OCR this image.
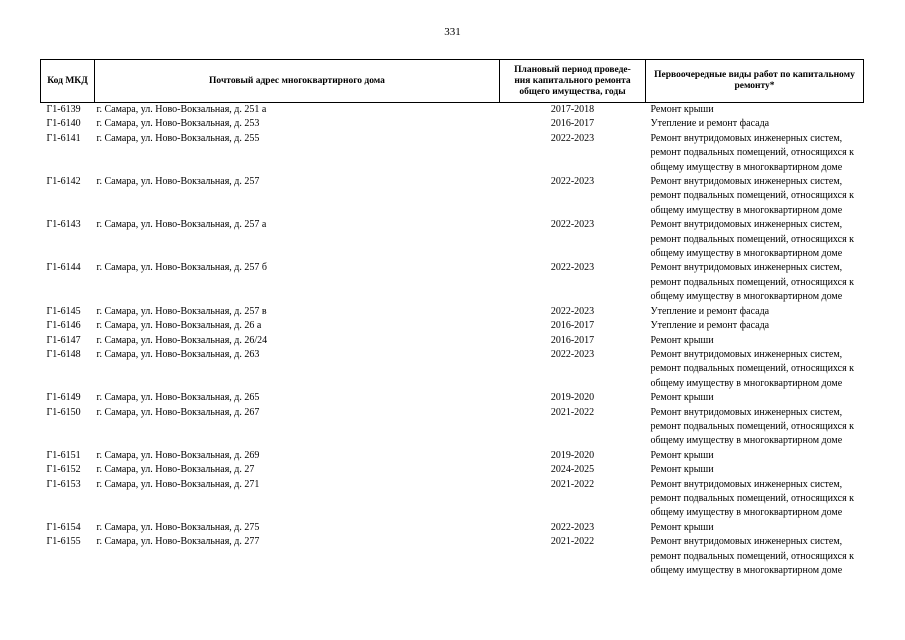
331
Код МКД	Почтовый адрес многоквартирного дома	Плановый период проведе-
ния капитального ремонта
общего имущества, годы	Первоочередные виды работ по капитальному
ремонту*

Г1-6139	г. Самара, ул. Ново-Вокзальная, д. 251 а	2017-2018	Ремонт крыши

Г1-6140	г. Самара, ул. Ново-Вокзальная, д. 253	2016-2017	Утепление и ремонт фасада

Г1-6141	г. Самара, ул. Ново-Вокзальная, д. 255	2022-2023	Ремонт внутридомовых инженерных систем,
ремонт подвальных помещений, относящихся к
общему имуществу в многоквартирном доме

Г1-6142	г. Самара, ул. Ново-Вокзальная, д. 257	2022-2023	Ремонт внутридомовых инженерных систем,
ремонт подвальных помещений, относящихся к
общему имуществу в многоквартирном доме

Г1-6143	г. Самара, ул. Ново-Вокзальная, д. 257 а	2022-2023	Ремонт внутридомовых инженерных систем,
ремонт подвальных помещений, относящихся к
общему имуществу в многоквартирном доме

Г1-6144	г. Самара, ул. Ново-Вокзальная, д. 257 б	2022-2023	Ремонт внутридомовых инженерных систем,
ремонт подвальных помещений, относящихся к
общему имуществу в многоквартирном доме

Г1-6145	г. Самара, ул. Ново-Вокзальная, д. 257 в	2022-2023	Утепление и ремонт фасада

Г1-6146	г. Самара, ул. Ново-Вокзальная, д. 26 а	2016-2017	Утепление и ремонт фасада

Г1-6147	г. Самара, ул. Ново-Вокзальная, д. 26/24	2016-2017	Ремонт крыши

Г1-6148	г. Самара, ул. Ново-Вокзальная, д. 263	2022-2023	Ремонт внутридомовых инженерных систем,
ремонт подвальных помещений, относящихся к
общему имуществу в многоквартирном доме

Г1-6149	г. Самара, ул. Ново-Вокзальная, д. 265	2019-2020	Ремонт крыши

Г1-6150	г. Самара, ул. Ново-Вокзальная, д. 267	2021-2022	Ремонт внутридомовых инженерных систем,
ремонт подвальных помещений, относящихся к
общему имуществу в многоквартирном доме

Г1-6151	г. Самара, ул. Ново-Вокзальная, д. 269	2019-2020	Ремонт крыши

Г1-6152	г. Самара, ул. Ново-Вокзальная, д. 27	2024-2025	Ремонт крыши

Г1-6153	г. Самара, ул. Ново-Вокзальная, д. 271	2021-2022	Ремонт внутридомовых инженерных систем,
ремонт подвальных помещений, относящихся к
общему имуществу в многоквартирном доме

Г1-6154	г. Самара, ул. Ново-Вокзальная, д. 275	2022-2023	Ремонт крыши

Г1-6155	г. Самара, ул. Ново-Вокзальная, д. 277	2021-2022	Ремонт внутридомовых инженерных систем,
ремонт подвальных помещений, относящихся к
общему имуществу в многоквартирном доме
